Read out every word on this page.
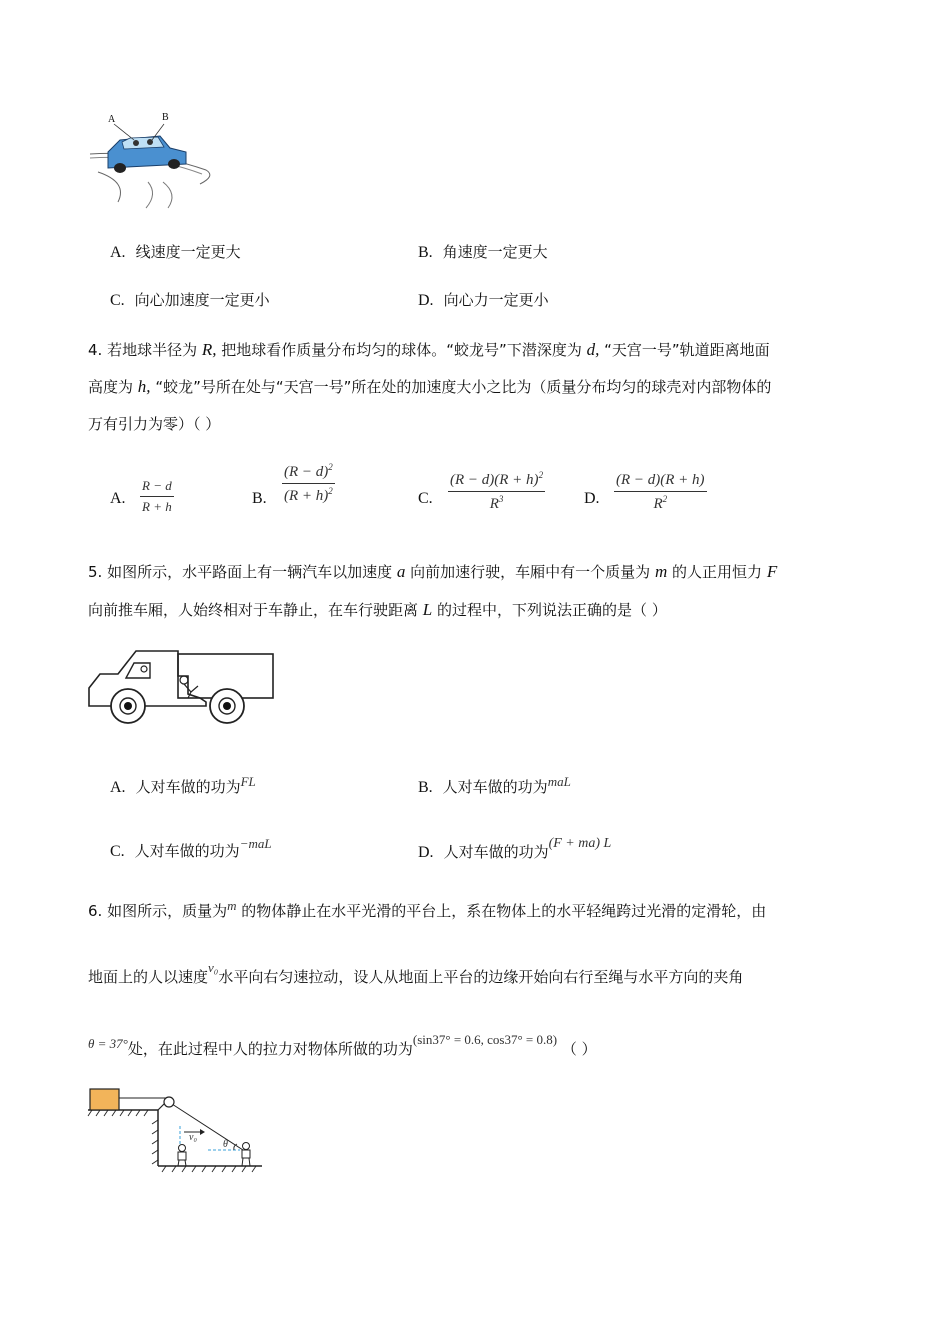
A	B
A. 线速度一定更大	B. 角速度一定更大
C. 向心加速度一定更小	D. 向心力一定更小
4. 若地球半径为 R, 把地球看作质量分布均匀的球体。“蛟龙号”下潜深度为 d, “天宫一号”轨道距离地面
高度为 h, “蛟龙”号所在处与“天宫一号”所在处的加速度大小之比为（质量分布均匀的球壳对内部物体的
万有引力为零）（ ）
A.	$\frac{R - d}{R + h}$	B.	$\frac{(R - d)^2}{(R + h)^2}$	C.	$\frac{(R - d)(R + h)^2}{R^3} D$. $\frac{(R - d)(R + h)}{R^2}$
5. 如图所示，水平路面上有一辆汽车以加速度 a 向前加速行驶，车厢中有一个质量为 m 的人正用恒力 F
向前推车厢，人始终相对于车静止，在车行驶距离 L 的过程中，下列说法正确的是（ ）
A. 人对车做的功为FL	B. 人对车做的功为maL
C. 人对车做的功为−maL
D. 人对车做的功为(F + ma) L
6. 如图所示，质量为m 的物体静止在水平光滑的平台上，系在物体上的水平轻绳跨过光滑的定滑轮，由
地面上的人以速度v₀水平向右匀速拉动，设人从地面上平台的边缘开始向右行至绳与水平方向的夹角
θ = 37°处，在此过程中人的拉力对物体所做的功为(sin37° = 0.6, cos37° = 0.8) （ ）
v₀
θ
